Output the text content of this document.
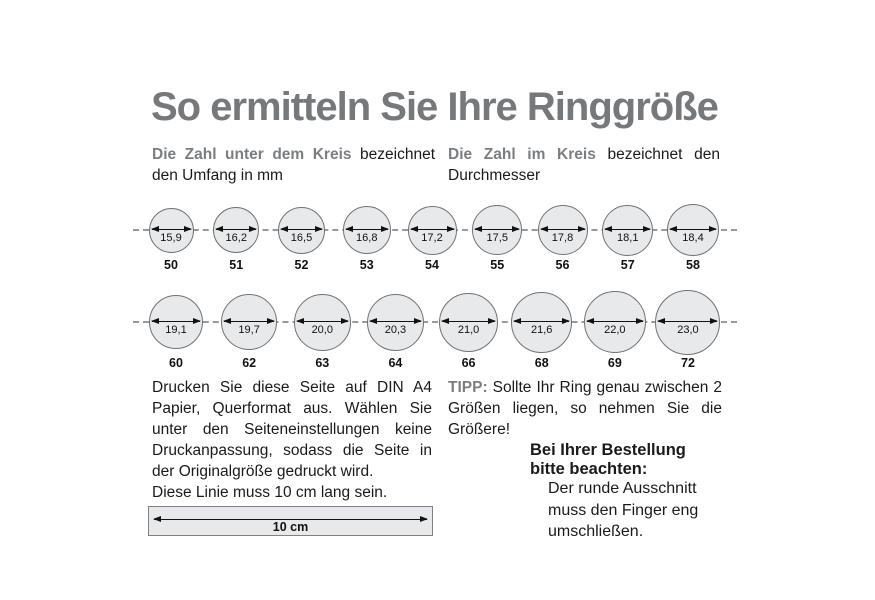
So ermitteln Sie Ihre Ringgröße
Die Zahl unter dem Kreis bezeichnet den Umfang in mm
Die Zahl im Kreis bezeichnet den Durchmesser
15,9
50
16,2
51
16,5
52
16,8
53
17,2
54
17,5
55
17,8
56
18,1
57
18,4
58
19,1
60
19,7
62
20,0
63
20,3
64
21,0
66
21,6
68
22,0
69
23,0
72

Drucken Sie diese Seite auf DIN A4 Papier, Querformat aus. Wählen Sie unter den Seiteneinstellungen keine Druckanpassung, sodass die Seite in der Originalgröße gedruckt wird.

Diese Linie muss 10 cm lang sein.

TIPP: Sollte Ihr Ring genau zwischen 2 Größen liegen, so nehmen Sie die Größere!
Bei Ihrer Bestellung bitte beachten:
Der runde Ausschnitt muss den Finger eng umschließen.
10 cm
